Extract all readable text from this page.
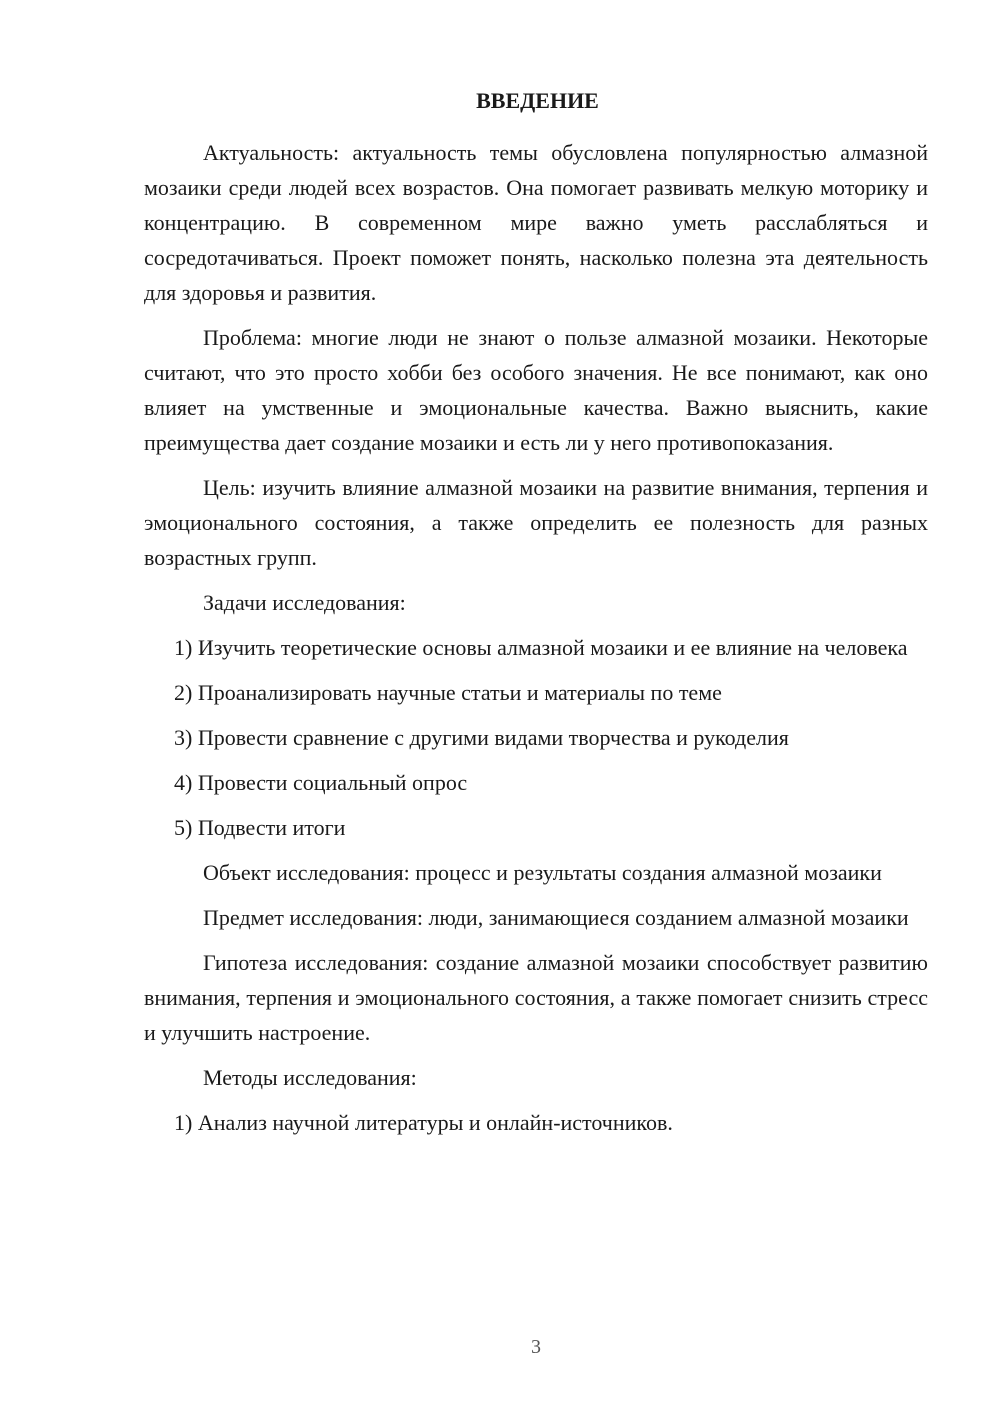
ВВЕДЕНИЕ

Актуальность: актуальность темы обусловлена популярностью алмазной мозаики среди людей всех возрастов. Она помогает развивать мелкую моторику и концентрацию. В современном мире важно уметь расслабляться и сосредотачиваться. Проект поможет понять, насколько полезна эта деятельность для здоровья и развития.

Проблема: многие люди не знают о пользе алмазной мозаики. Некоторые считают, что это просто хобби без особого значения. Не все понимают, как оно влияет на умственные и эмоциональные качества. Важно выяснить, какие преимущества дает создание мозаики и есть ли у него противопоказания.

Цель: изучить влияние алмазной мозаики на развитие внимания, терпения и эмоционального состояния, а также определить ее полезность для разных возрастных групп.

Задачи исследования:

1) Изучить теоретические основы алмазной мозаики и ее влияние на человека

2) Проанализировать научные статьи и материалы по теме

3) Провести сравнение с другими видами творчества и рукоделия

4) Провести социальный опрос

5) Подвести итоги

Объект исследования: процесс и результаты создания алмазной мозаики

Предмет исследования: люди, занимающиеся созданием алмазной мозаики

Гипотеза исследования: создание алмазной мозаики способствует развитию внимания, терпения и эмоционального состояния, а также помогает снизить стресс и улучшить настроение.

Методы исследования:

1) Анализ научной литературы и онлайн-источников.

3
